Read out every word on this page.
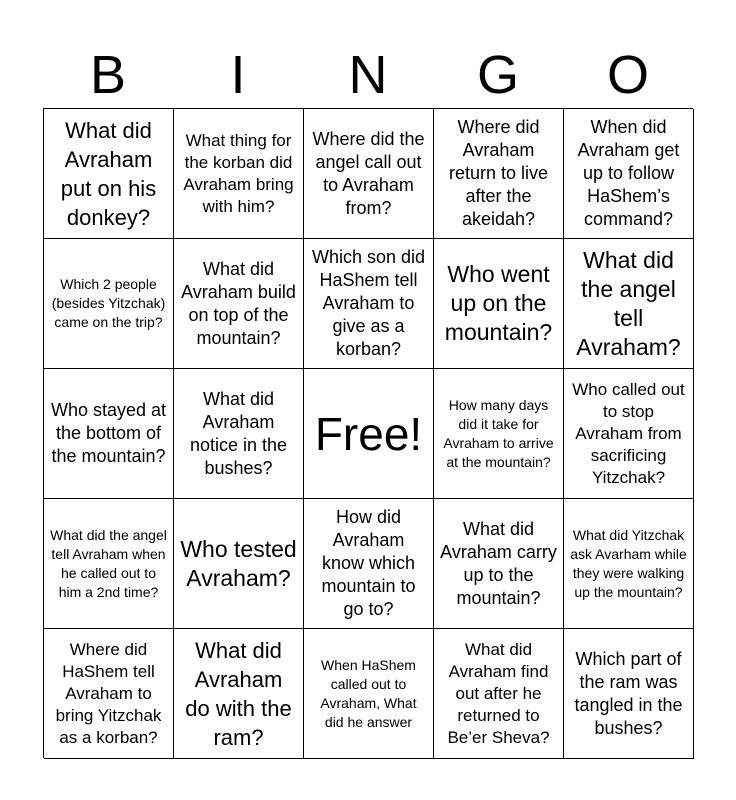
B	I	N	G	O
What did Avraham put on his donkey?
What thing for the korban did Avraham bring with him?
Where did the angel call out to Avraham from?
Where did Avraham return to live after the akeidah?
When did Avraham get up to follow HaShem’s command?
Which 2 people (besides Yitzchak) came on the trip?
What did Avraham build on top of the mountain?
Which son did HaShem tell Avraham to give as a korban?
Who went up on the mountain?
What did the angel tell Avraham?
Who stayed at the bottom of the mountain?
What did Avraham notice in the bushes?
Free!
How many days did it take for Avraham to arrive at the mountain?
Who called out to stop Avraham from sacrificing Yitzchak?
What did the angel tell Avraham when he called out to him a 2nd time?
Who tested Avraham?
How did Avraham know which mountain to go to?
What did Avraham carry up to the mountain?
What did Yitzchak ask Avarham while they were walking up the mountain?
Where did HaShem tell Avraham to bring Yitzchak as a korban?
What did Avraham do with the ram?
When HaShem called out to Avraham, What did he answer
What did Avraham find out after he returned to Be’er Sheva?
Which part of the ram was tangled in the bushes?
